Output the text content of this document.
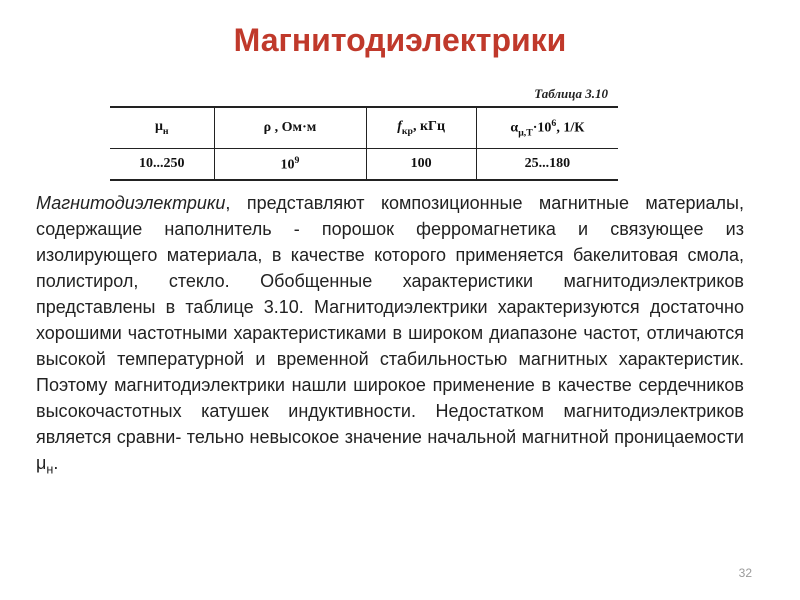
Магнитодиэлектрики
Таблица 3.10
$\mu_н$	ρ , Ом·м	$f_{кр}$, кГц	$\alpha_{\mu,Т}\cdot 10^6$, 1/К
10...250	$10^9$	100	25...180

Магнитодиэлектрики, представляют композиционные магнитные материалы, содержащие наполнитель - порошок ферромагнетика и связующее из изолирующего материала, в качестве которого применяется бакелитовая смола, полистирол, стекло. Обобщенные характеристики магнитодиэлектриков представлены в таблице 3.10. Магнитодиэлектрики характеризуются достаточно хорошими частотными характеристиками в широком диапазоне частот, отличаются высокой температурной и временной стабильностью магнитных характеристик. Поэтому магнитодиэлектрики нашли широкое применение в качестве сердечников высокочастотных катушек индуктивности. Недостатком магнитодиэлектриков является сравни- тельно невысокое значение начальной магнитной проницаемости $\mu_н$.

32
